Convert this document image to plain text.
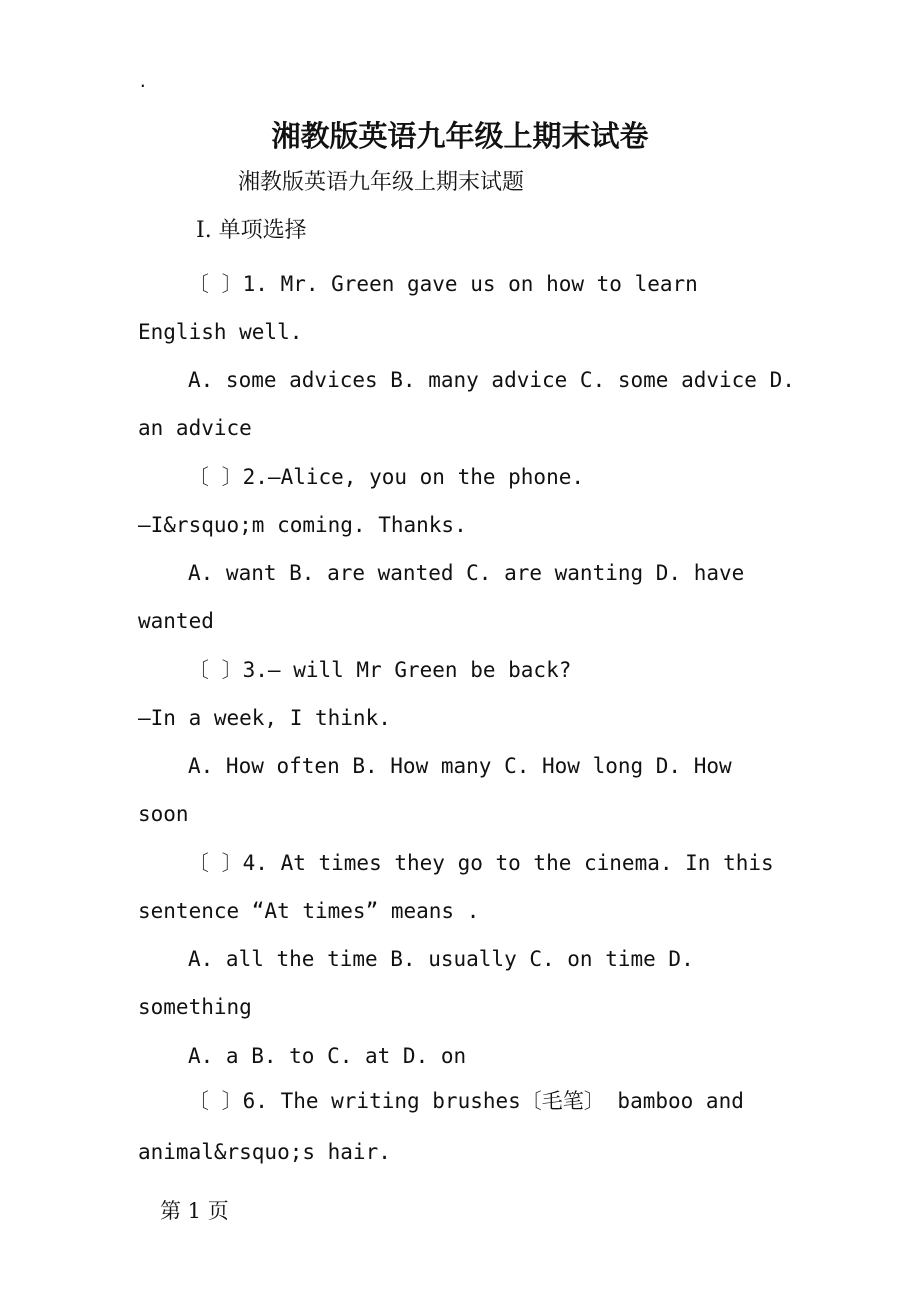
.
湘教版英语九年级上期末试卷
湘教版英语九年级上期末试题
Ⅰ. 单项选择
〔 〕1. Mr. Green gave us on how to learn
English well.
A. some advices B. many advice C. some advice D.
an advice
〔 〕2.—Alice, you on the phone.
—I&rsquo;m coming. Thanks.
A. want B. are wanted C. are wanting D. have
wanted
〔 〕3.— will Mr Green be back?
—In a week, I think.
A. How often B. How many C. How long D. How
soon
〔 〕4. At times they go to the cinema. In this
sentence “At times” means .
A. all the time B. usually C. on time D.
something
A. a B. to C. at D. on
〔 〕6. The writing brushes〔毛笔〕 bamboo and
animal&rsquo;s hair.
第 1 页
